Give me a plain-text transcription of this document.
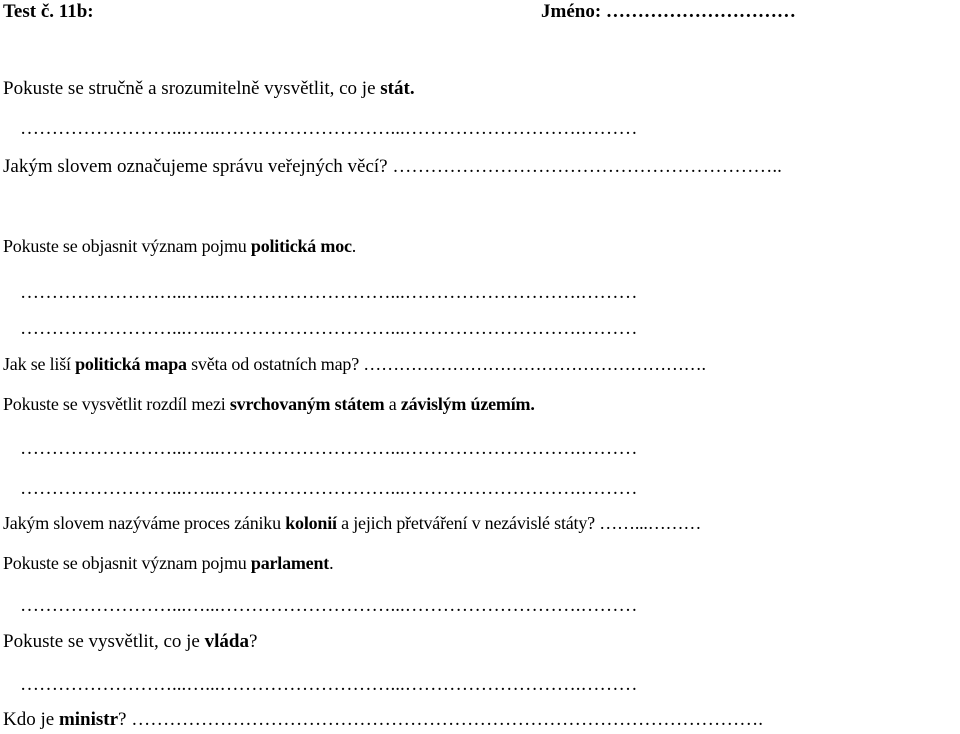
Test č. 11b:	Jméno: …………………………
Pokuste se stručně a srozumitelně vysvětlit, co je stát.
……………………...…...………………………...……………………….………
Jakým slovem označujeme správu veřejných věcí? ……………………………………………………..
Pokuste se objasnit význam pojmu politická moc.
……………………...…...………………………...……………………….………
……………………...…...………………………...……………………….………
Jak se liší politická mapa světa od ostatních map? ………………………………………………….
Pokuste se vysvětlit rozdíl mezi svrchovaným státem a závislým územím.
……………………...…...………………………...……………………….………
……………………...…...………………………...……………………….………
Jakým slovem nazýváme proces zániku kolonií a jejich přetváření v nezávislé státy? ……...………
Pokuste se objasnit význam pojmu parlament.
……………………...…...………………………...……………………….………
Pokuste se vysvětlit, co je vláda?
……………………...…...………………………...……………………….………
Kdo je ministr? ……………………………………………………………………………………….
